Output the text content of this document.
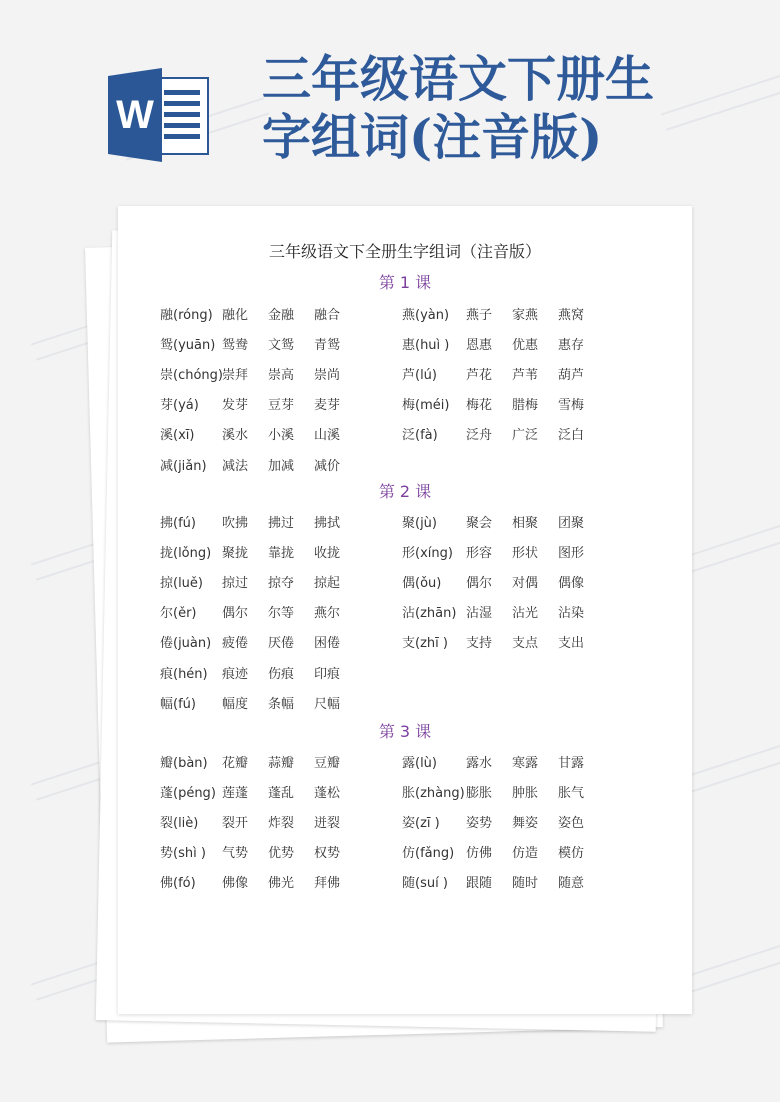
W
三年级语文下册生
字组词(注音版)
三年级语文下全册生字组词（注音版）
第 1 课
融(róng) 融化	金融	融合
鸳(yuān) 鸳鸯	文鸳	青鸳
崇(chóng) 崇拜	崇高	崇尚
芽(yá)	发芽	豆芽	麦芽
溪(xī)	溪水	小溪	山溪
减(jiǎn)	减法	加减	减价
燕(yàn)	燕子	家燕	燕窝
惠(huì )	恩惠	优惠	惠存
芦(lú)	芦花	芦苇	葫芦
梅(méi)	梅花	腊梅	雪梅
泛(fà)	泛舟	广泛	泛白
第 2 课
拂(fú)	吹拂	拂过	拂拭
拢(lǒng) 聚拢	靠拢	收拢
掠(luě)	掠过	掠夺	掠起
尔(ěr)	偶尔	尔等	燕尔
倦(juàn) 疲倦	厌倦	困倦
痕(hén)	痕迹	伤痕	印痕
幅(fú)	幅度	条幅	尺幅
聚(jù)	聚会	相聚	团聚
形(xíng)	形容	形状	图形
偶(ǒu)	偶尔	对偶	偶像
沾(zhān) 沾湿	沾光	沾染
支(zhī )	支持	支点	支出
第 3 课
瓣(bàn)	花瓣	蒜瓣	豆瓣
蓬(péng) 莲蓬	蓬乱	蓬松
裂(liè)	裂开	炸裂	迸裂
势(shì )	气势	优势	权势
佛(fó)	佛像	佛光	拜佛
露(lù)	露水	寒露	甘露
胀(zhàng) 膨胀	肿胀	胀气
姿(zī )	姿势	舞姿	姿色
仿(fǎng) 仿佛	仿造	模仿
随(suí )	跟随	随时	随意
